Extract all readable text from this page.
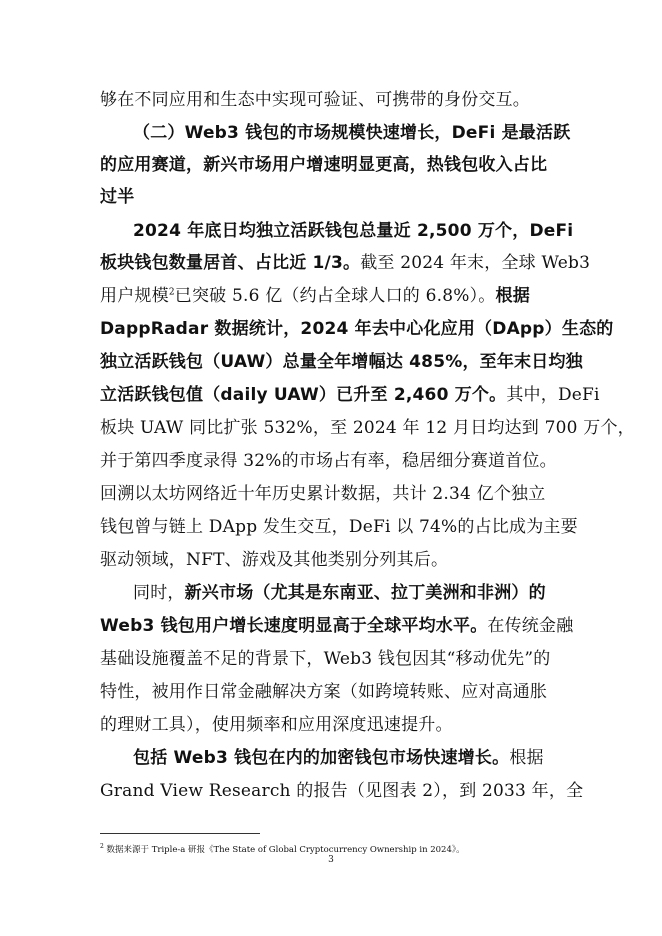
够在不同应用和生态中实现可验证、可携带的身份交互。
（二）Web3 钱包的市场规模快速增长，DeFi 是最活跃
的应用赛道，新兴市场用户增速明显更高，热钱包收入占比
过半
2024 年底日均独立活跃钱包总量近 2,500 万个，DeFi
板块钱包数量居首、占比近 1/3。截至 2024 年末，全球 Web3
用户规模$^2$已突破 5.6 亿（约占全球人口的 6.8%）。根据
DappRadar 数据统计，2024 年去中心化应用（DApp）生态的
独立活跃钱包（UAW）总量全年增幅达 485%，至年末日均独
立活跃钱包值（daily UAW）已升至 2,460 万个。其中，DeFi
板块 UAW 同比扩张 532%，至 2024 年 12 月日均达到 700 万个，
并于第四季度录得 32%的市场占有率，稳居细分赛道首位。
回溯以太坊网络近十年历史累计数据，共计 2.34 亿个独立
钱包曾与链上 DApp 发生交互，DeFi 以 74%的占比成为主要
驱动领域，NFT、游戏及其他类别分列其后。
同时，新兴市场（尤其是东南亚、拉丁美洲和非洲）的
Web3 钱包用户增长速度明显高于全球平均水平。在传统金融
基础设施覆盖不足的背景下，Web3 钱包因其“移动优先”的
特性，被用作日常金融解决方案（如跨境转账、应对高通胀
的理财工具），使用频率和应用深度迅速提升。
包括 Web3 钱包在内的加密钱包市场快速增长。根据
Grand View Research 的报告（见图表 2），到 2033 年，全
$^2$ 数据来源于 Triple-a 研报《The State of Global Cryptocurrency Ownership in 2024》。
3
